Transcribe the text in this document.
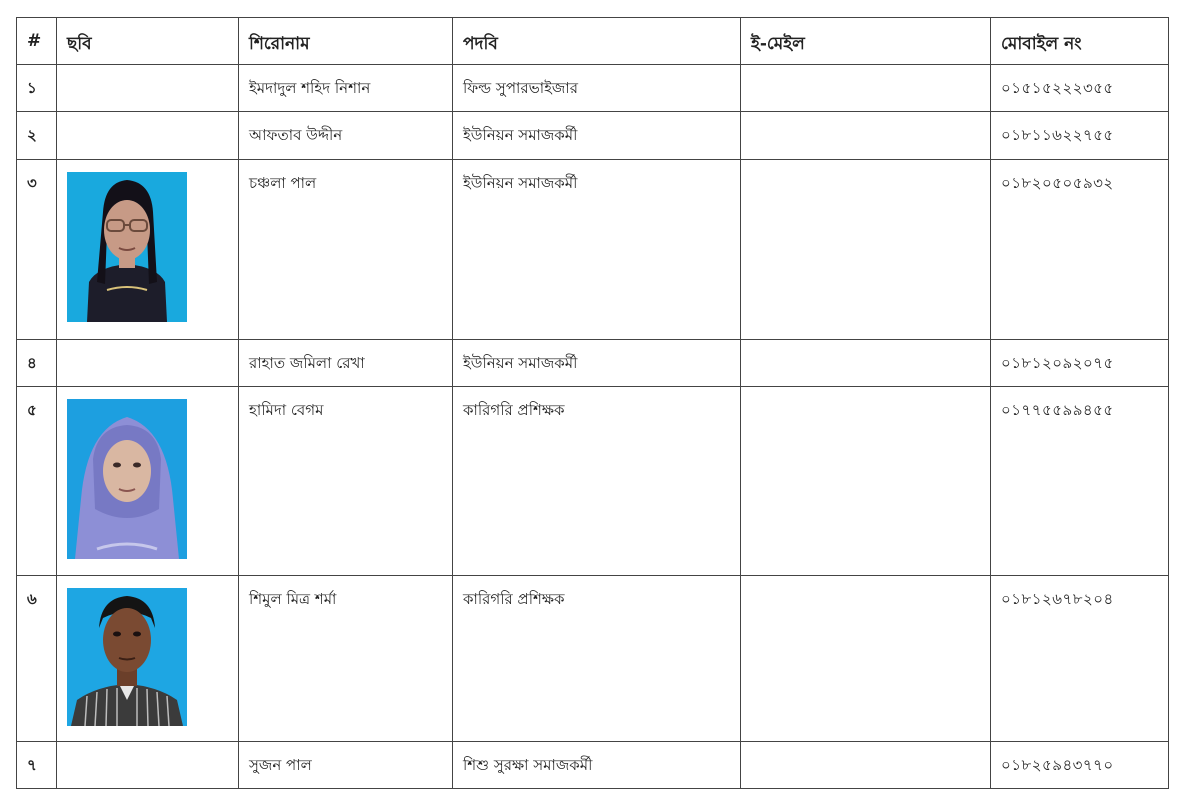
#	ছবি	শিরোনাম	পদবি	ই-মেইল	মোবাইল নং
১		ইমদাদুল শহিদ নিশান	ফিল্ড সুপারভাইজার		০১৫১৫২২২৩৫৫
২		আফতাব উদ্দীন	ইউনিয়ন সমাজকর্মী		০১৮১১৬২২৭৫৫
৩		চঞ্চলা পাল	ইউনিয়ন সমাজকর্মী		০১৮২০৫০৫৯৩২
৪		রাহাত জমিলা রেখা	ইউনিয়ন সমাজকর্মী		০১৮১২০৯২০৭৫
৫		হামিদা বেগম	কারিগরি প্রশিক্ষক		০১৭৭৫৫৯৯৪৫৫
৬		শিমুল মিত্র শর্মা	কারিগরি প্রশিক্ষক		০১৮১২৬৭৮২০৪
৭		সুজন পাল	শিশু সুরক্ষা সমাজকর্মী		০১৮২৫৯৪৩৭৭০
